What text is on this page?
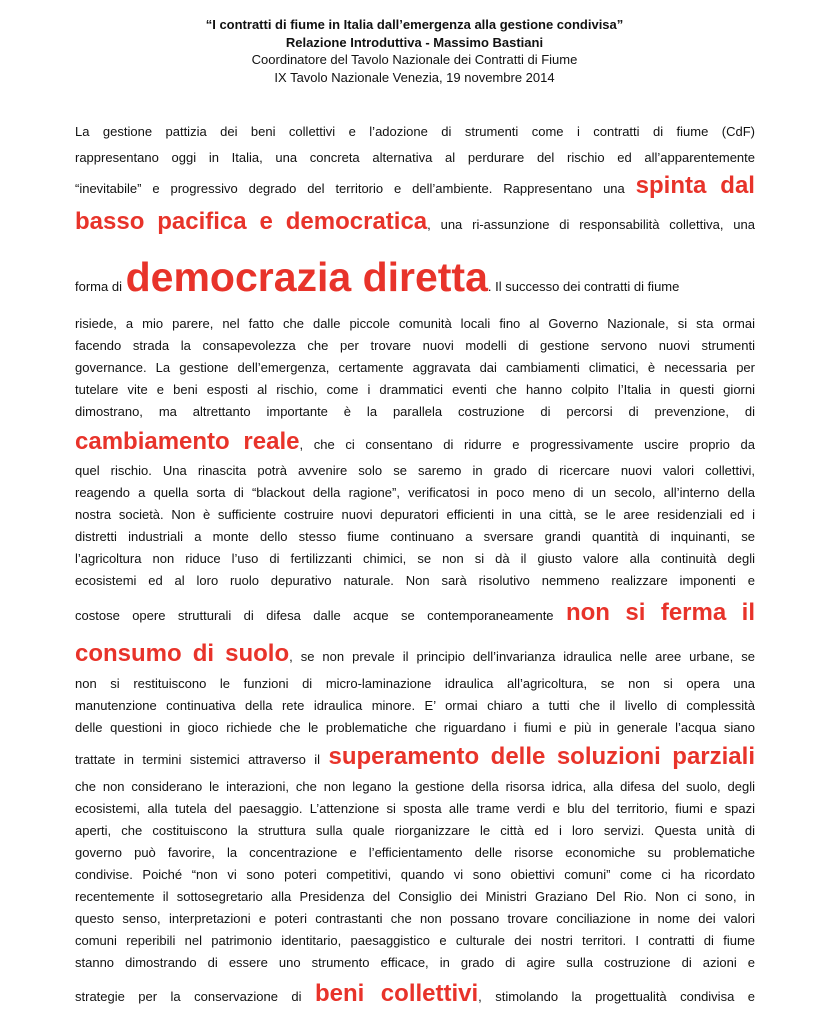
“I contratti di fiume in Italia dall’emergenza alla gestione condivisa”
Relazione Introduttiva - Massimo Bastiani
Coordinatore del Tavolo Nazionale dei Contratti di Fiume
IX Tavolo Nazionale Venezia, 19 novembre 2014
La gestione pattizia dei beni collettivi e l’adozione di strumenti come i contratti di fiume (CdF)
rappresentano oggi in Italia, una concreta alternativa al perdurare del rischio ed all’apparentemente
“inevitabile” e progressivo degrado del territorio e dell’ambiente. Rappresentano una spinta dal
basso pacifica e democratica, una ri-assunzione di responsabilità collettiva, una
forma di democrazia diretta. Il successo dei contratti di fiume
risiede, a mio parere, nel fatto che dalle piccole comunità locali fino al Governo Nazionale, si sta ormai
facendo strada la consapevolezza che per trovare nuovi modelli di gestione servono nuovi strumenti
governance. La gestione dell’emergenza, certamente aggravata dai cambiamenti climatici, è necessaria per
tutelare vite e beni esposti al rischio, come i drammatici eventi che hanno colpito l’Italia in questi giorni
dimostrano, ma altrettanto importante è la parallela costruzione di percorsi di prevenzione, di
cambiamento reale, che ci consentano di ridurre e progressivamente uscire proprio da
quel rischio. Una rinascita potrà avvenire solo se saremo in grado di ricercare nuovi valori collettivi,
reagendo a quella sorta di “blackout della ragione”, verificatosi in poco meno di un secolo, all’interno della
nostra società. Non è sufficiente costruire nuovi depuratori efficienti in una città, se le aree residenziali ed i
distretti industriali a monte dello stesso fiume continuano a sversare grandi quantità di inquinanti, se
l’agricoltura non riduce l’uso di fertilizzanti chimici, se non si dà il giusto valore alla continuità degli
ecosistemi ed al loro ruolo depurativo naturale. Non sarà risolutivo nemmeno realizzare imponenti e
costose opere strutturali di difesa dalle acque se contemporaneamente non si ferma il
consumo di suolo, se non prevale il principio dell’invarianza idraulica nelle aree urbane, se
non si restituiscono le funzioni di micro-laminazione idraulica all’agricoltura, se non si opera una
manutenzione continuativa della rete idraulica minore. E’ ormai chiaro a tutti che il livello di complessità
delle questioni in gioco richiede che le problematiche che riguardano i fiumi e più in generale l’acqua siano
trattate in termini sistemici attraverso il superamento delle soluzioni parziali
che non considerano le interazioni, che non legano la gestione della risorsa idrica, alla difesa del suolo, degli
ecosistemi, alla tutela del paesaggio. L’attenzione si sposta alle trame verdi e blu del territorio, fiumi e spazi
aperti, che costituiscono la struttura sulla quale riorganizzare le città ed i loro servizi. Questa unità di
governo può favorire, la concentrazione e l’efficientamento delle risorse economiche su problematiche
condivise. Poiché “non vi sono poteri competitivi, quando vi sono obiettivi comuni” come ci ha ricordato
recentemente il sottosegretario alla Presidenza del Consiglio dei Ministri Graziano Del Rio. Non ci sono, in
questo senso, interpretazioni e poteri contrastanti che non possano trovare conciliazione in nome dei valori
comuni reperibili nel patrimonio identitario, paesaggistico e culturale dei nostri territori. I contratti di fiume
stanno dimostrando di essere uno strumento efficace, in grado di agire sulla costruzione di azioni e
strategie per la conservazione di beni collettivi, stimolando la progettualità condivisa e
